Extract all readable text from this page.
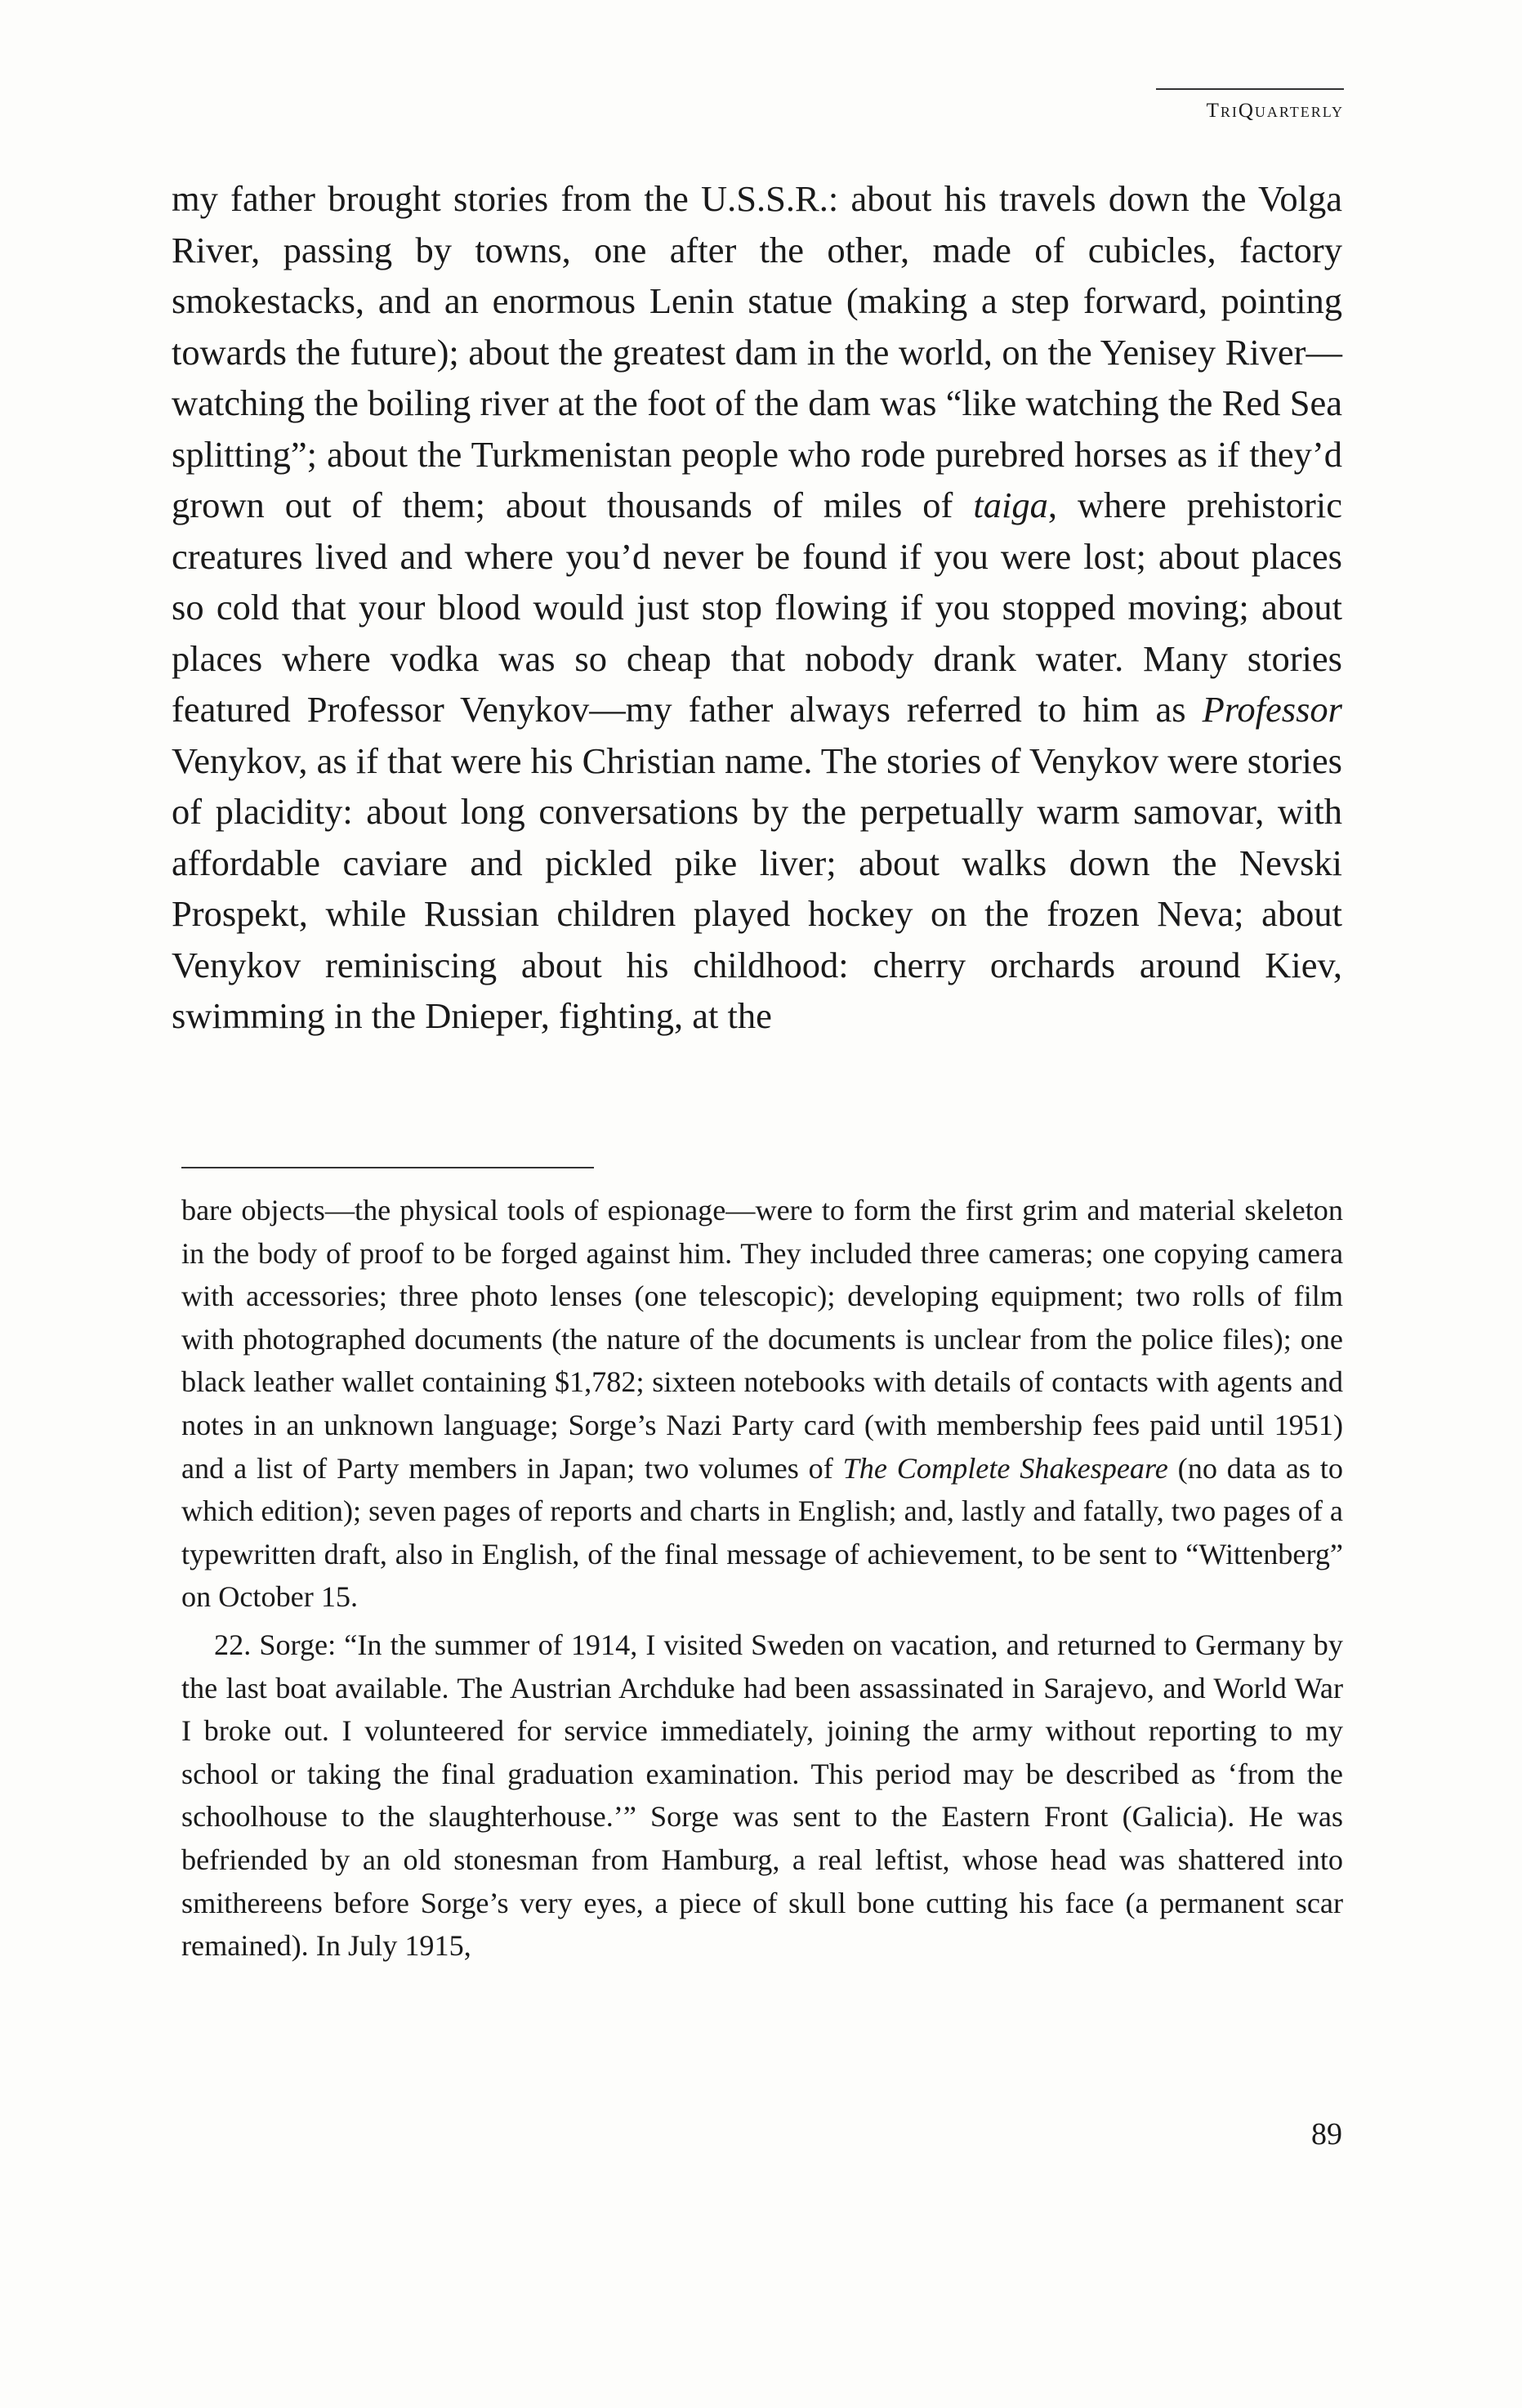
TriQuarterly

my father brought stories from the U.S.S.R.: about his travels down the Volga River, passing by towns, one after the other, made of cubicles, factory smokestacks, and an enormous Lenin statue (making a step forward, pointing towards the future); about the greatest dam in the world, on the Yenisey River—watching the boiling river at the foot of the dam was “like watching the Red Sea splitting”; about the Turkmenistan people who rode purebred horses as if they’d grown out of them; about thousands of miles of taiga, where prehistoric creatures lived and where you’d never be found if you were lost; about places so cold that your blood would just stop flowing if you stopped moving; about places where vodka was so cheap that nobody drank water. Many stories featured Professor Venykov—my father always referred to him as Professor Venykov, as if that were his Christian name. The stories of Venykov were stories of placidity: about long conversations by the perpetually warm samovar, with affordable caviare and pickled pike liver; about walks down the Nevski Prospekt, while Russian children played hockey on the frozen Neva; about Venykov reminiscing about his childhood: cherry orchards around Kiev, swimming in the Dnieper, fighting, at the

bare objects—the physical tools of espionage—were to form the first grim and material skeleton in the body of proof to be forged against him. They included three cameras; one copying camera with accessories; three photo lenses (one telescopic); developing equipment; two rolls of film with photographed documents (the nature of the documents is unclear from the police files); one black leather wallet containing $1,782; sixteen notebooks with details of contacts with agents and notes in an unknown language; Sorge’s Nazi Party card (with membership fees paid until 1951) and a list of Party members in Japan; two volumes of The Complete Shakespeare (no data as to which edition); seven pages of reports and charts in English; and, lastly and fatally, two pages of a typewritten draft, also in English, of the final message of achievement, to be sent to “Wittenberg” on October 15.

22. Sorge: “In the summer of 1914, I visited Sweden on vacation, and returned to Germany by the last boat available. The Austrian Archduke had been assassinated in Sarajevo, and World War I broke out. I volunteered for service immediately, joining the army without reporting to my school or taking the final graduation examination. This period may be described as ‘from the schoolhouse to the slaughterhouse.’” Sorge was sent to the Eastern Front (Galicia). He was befriended by an old stonesman from Hamburg, a real leftist, whose head was shattered into smithereens before Sorge’s very eyes, a piece of skull bone cutting his face (a permanent scar remained). In July 1915,

89
